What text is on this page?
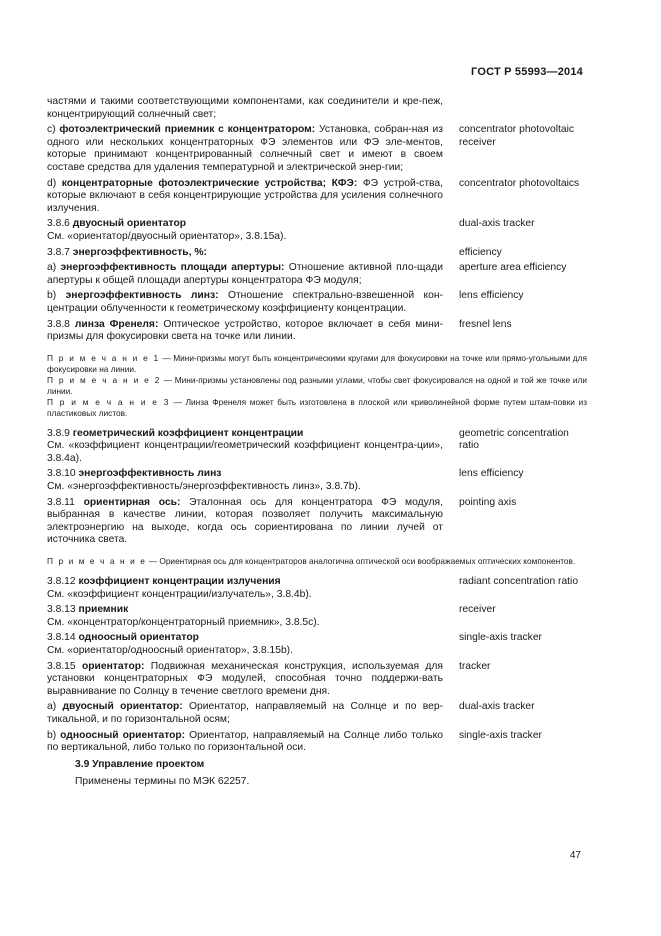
ГОСТ Р 55993—2014
частями и такими соответствующими компонентами, как соединители и кре-пеж, концентрирующий солнечный свет;
c) фотоэлектрический приемник с концентратором: Установка, собран-ная из одного или нескольких концентраторных ФЭ элементов или ФЭ эле-ментов, которые принимают концентрированный солнечный свет и имеют в своем составе средства для удаления температурной и электрической энер-гии;
concentrator photovoltaic receiver
d) концентраторные фотоэлектрические устройства; КФЭ: ФЭ устрой-ства, которые включают в себя концентрирующие устройства для усиления солнечного излучения.
concentrator photovoltaics
3.8.6 двуосный ориентатор
См. «ориентатор/двуосный ориентатор», 3.8.15а).
dual-axis tracker
3.8.7 энергоэффективность, %:	efficiency
a) энергоэффективность площади апертуры: Отношение активной пло-щади апертуры к общей площади апертуры концентратора ФЭ модуля;
aperture area efficiency
b) энергоэффективность линз: Отношение спектрально-взвешенной кон-центрации облученности к геометрическому коэффициенту концентрации.
lens efficiency
3.8.8 линза Френеля: Оптическое устройство, которое включает в себя мини-призмы для фокусировки света на точке или линии.
fresnel lens
П р и м е ч а н и е 1 — Мини-призмы могут быть концентрическими кругами для фокусировки на точке или прямо-угольными для фокусировки на линии.
П р и м е ч а н и е 2 — Мини-призмы установлены под разными углами, чтобы свет фокусировался на одной и той же точке или линии.
П р и м е ч а н и е 3 — Линза Френеля может быть изготовлена в плоской или криволинейной форме путем штам-повки из пластиковых листов.
3.8.9 геометрический коэффициент концентрации
См. «коэффициент концентрации/геометрический коэффициент концентра-ции», 3.8.4а).
geometric concentration ratio
3.8.10 энергоэффективность линз
См. «энергоэффективность/энергоэффективность линз», 3.8.7b).
lens efficiency
3.8.11 ориентирная ось: Эталонная ось для концентратора ФЭ модуля, выбранная в качестве линии, которая позволяет получить максимальную электроэнергию на выходе, когда ось сориентирована по линии лучей от источника света.
pointing axis
П р и м е ч а н и е — Ориентирная ось для концентраторов аналогична оптической оси воображаемых оптических компонентов.
3.8.12 коэффициент концентрации излучения
См. «коэффициент концентрации/излучатель», 3.8.4b).
radiant concentration ratio
3.8.13 приемник
См. «концентратор/концентраторный приемник», 3.8.5с).
receiver
3.8.14 одноосный ориентатор
См. «ориентатор/одноосный ориентатор», 3.8.15b).
single-axis tracker
3.8.15 ориентатор: Подвижная механическая конструкция, используемая для установки концентраторных ФЭ модулей, способная точно поддержи-вать выравнивание по Солнцу в течение светлого времени дня.
tracker
a) двуосный ориентатор: Ориентатор, направляемый на Солнце и по вер-тикальной, и по горизонтальной осям;
dual-axis tracker
b) одноосный ориентатор: Ориентатор, направляемый на Солнце либо только по вертикальной, либо только по горизонтальной оси.
single-axis tracker
3.9 Управление проектом
Применены термины по МЭК 62257.
47
